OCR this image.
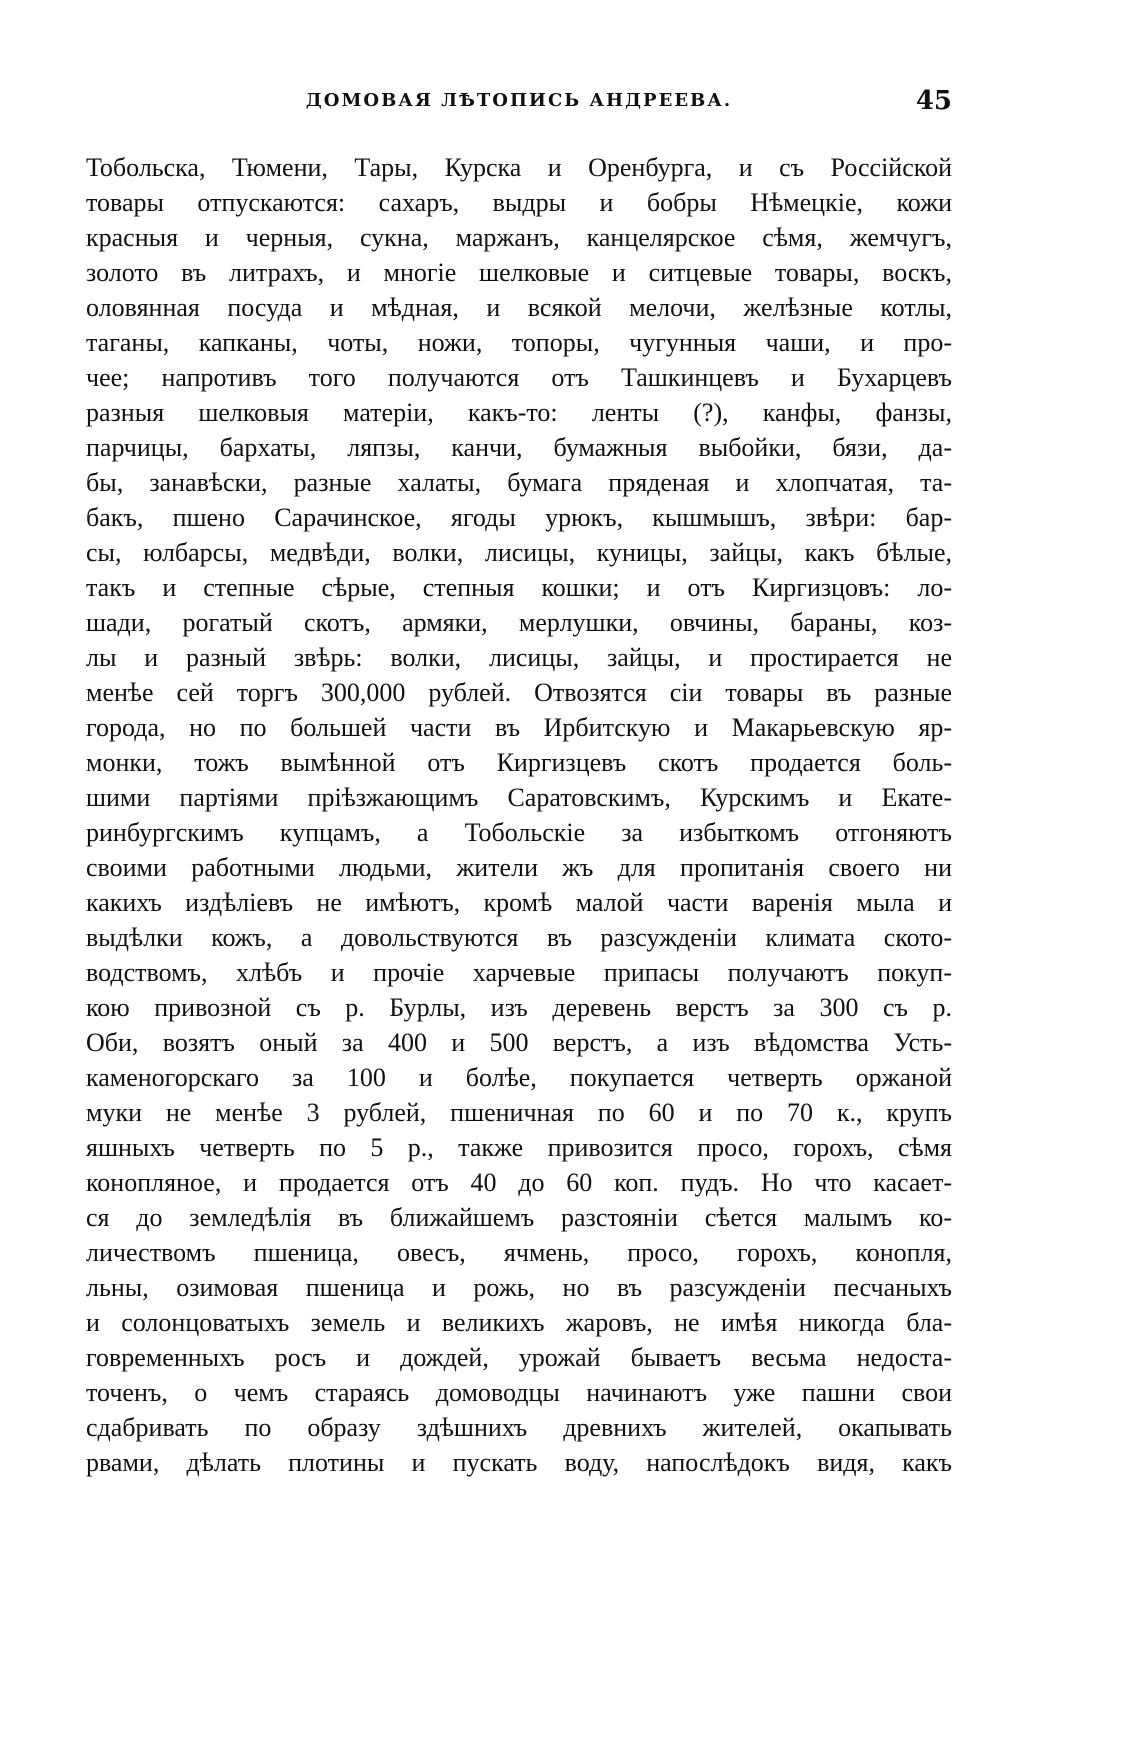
ДОМОВАЯ ЛѢТОПИСЬ АНДРЕЕВА.	45
Тобольска, Тюмени, Тары, Курска и Оренбурга, и съ Россійской
товары отпускаются: сахаръ, выдры и бобры Нѣмецкіе, кожи
красныя и черныя, сукна, маржанъ, канцелярское сѣмя, жемчугъ,
золото въ литрахъ, и многіе шелковые и ситцевые товары, воскъ,
оловянная посуда и мѣдная, и всякой мелочи, желѣзные котлы,
таганы, капканы, чоты, ножи, топоры, чугунныя чаши, и про-
чее; напротивъ того получаются отъ Ташкинцевъ и Бухарцевъ
разныя шелковыя матеріи, какъ-то: ленты (?), канфы, фанзы,
парчицы, бархаты, ляпзы, канчи, бумажныя выбойки, бязи, да-
бы, занавѣски, разные халаты, бумага пряденая и хлопчатая, та-
бакъ, пшено Сарачинское, ягоды урюкъ, кышмышъ, звѣри: бар-
сы, юлбарсы, медвѣди, волки, лисицы, куницы, зайцы, какъ бѣлые,
такъ и степные сѣрые, степныя кошки; и отъ Киргизцовъ: ло-
шади, рогатый скотъ, армяки, мерлушки, овчины, бараны, коз-
лы и разный звѣрь: волки, лисицы, зайцы, и простирается не
менѣе сей торгъ 300,000 рублей. Отвозятся сіи товары въ разные
города, но по большей части въ Ирбитскую и Макарьевскую яр-
монки, тожъ вымѣнной отъ Киргизцевъ скотъ продается боль-
шими партіями пріѣзжающимъ Саратовскимъ, Курскимъ и Екате-
ринбургскимъ купцамъ, а Тобольскіе за избыткомъ отгоняютъ
своими работными людьми, жители жъ для пропитанія своего ни
какихъ издѣліевъ не имѣютъ, кромѣ малой части варенія мыла и
выдѣлки кожъ, а довольствуются въ разсужденіи климата ското-
водствомъ, хлѣбъ и прочіе харчевые припасы получаютъ покуп-
кою привозной съ р. Бурлы, изъ деревень верстъ за 300 съ р.
Оби, возятъ оный за 400 и 500 верстъ, а изъ вѣдомства Усть-
каменогорскаго за 100 и болѣе, покупается четверть оржаной
муки не менѣе 3 рублей, пшеничная по 60 и по 70 к., крупъ
яшныхъ четверть по 5 р., также привозится просо, горохъ, сѣмя
конопляное, и продается отъ 40 до 60 коп. пудъ. Но что касает-
ся до земледѣлія въ ближайшемъ разстояніи сѣется малымъ ко-
личествомъ пшеница, овесъ, ячмень, просо, горохъ, конопля,
льны, озимовая пшеница и рожь, но въ разсужденіи песчаныхъ
и солонцоватыхъ земель и великихъ жаровъ, не имѣя никогда бла-
говременныхъ росъ и дождей, урожай бываетъ весьма недоста-
точенъ, о чемъ стараясь домоводцы начинаютъ уже пашни свои
сдабривать по образу здѣшнихъ древнихъ жителей, окапывать
рвами, дѣлать плотины и пускать воду, напослѣдокъ видя, какъ
